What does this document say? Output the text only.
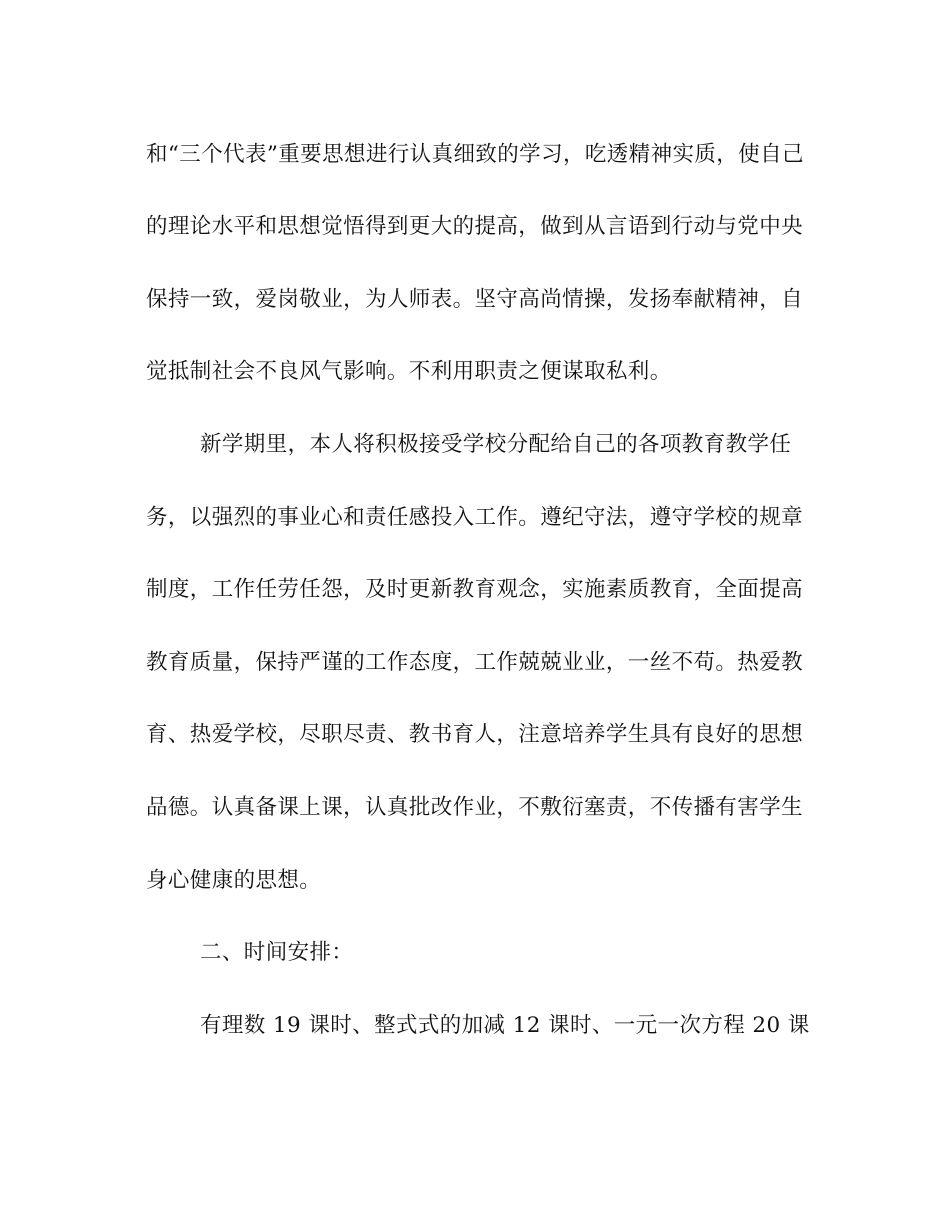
和“三个代表”重要思想进行认真细致的学习，吃透精神实质，使自己
的理论水平和思想觉悟得到更大的提高，做到从言语到行动与党中央
保持一致，爱岗敬业，为人师表。坚守高尚情操，发扬奉献精神，自
觉抵制社会不良风气影响。不利用职责之便谋取私利。
新学期里，本人将积极接受学校分配给自己的各项教育教学任
务，以强烈的事业心和责任感投入工作。遵纪守法，遵守学校的规章
制度，工作任劳任怨，及时更新教育观念，实施素质教育，全面提高
教育质量，保持严谨的工作态度，工作兢兢业业，一丝不苟。热爱教
育、热爱学校，尽职尽责、教书育人，注意培养学生具有良好的思想
品德。认真备课上课，认真批改作业，不敷衍塞责，不传播有害学生
身心健康的思想。
二、时间安排：
有理数 19 课时、整式式的加减 12 课时、一元一次方程 20 课
